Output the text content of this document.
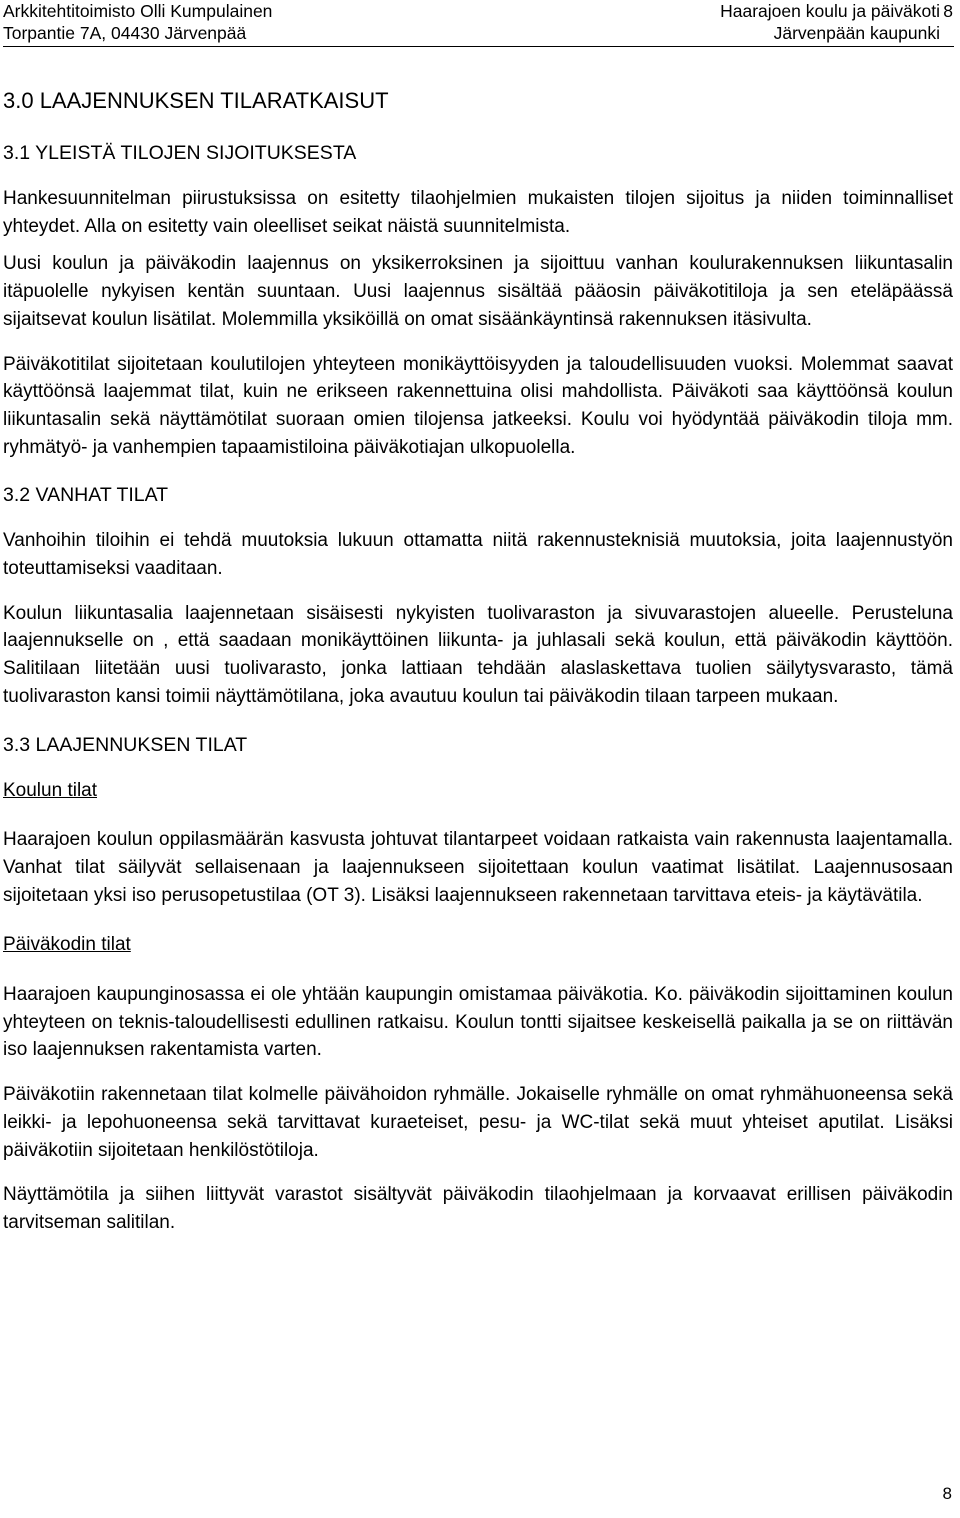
Arkkitehtitoimisto Olli Kumpulainen
Torpantie 7A, 04430 Järvenpää
Haarajoen koulu ja päiväkoti
Järvenpään kaupunki
8
3.0 LAAJENNUKSEN TILARATKAISUT
3.1 YLEISTÄ TILOJEN SIJOITUKSESTA

Hankesuunnitelman piirustuksissa on esitetty tilaohjelmien mukaisten tilojen sijoitus ja niiden toiminnalliset yhteydet. Alla on esitetty vain oleelliset seikat näistä suunnitelmista.

Uusi koulun ja päiväkodin laajennus on yksikerroksinen ja sijoittuu vanhan koulurakennuksen liikuntasalin itäpuolelle nykyisen kentän suuntaan. Uusi laajennus sisältää pääosin päiväkotitiloja ja sen eteläpäässä sijaitsevat koulun lisätilat. Molemmilla yksiköillä on omat sisäänkäyntinsä rakennuksen itäsivulta.

Päiväkotitilat sijoitetaan koulutilojen yhteyteen monikäyttöisyyden ja taloudellisuuden vuoksi. Molemmat saavat käyttöönsä laajemmat tilat, kuin ne erikseen rakennettuina olisi mahdollista. Päiväkoti saa käyttöönsä koulun liikuntasalin sekä näyttämötilat suoraan omien tilojensa jatkeeksi. Koulu voi hyödyntää päiväkodin tiloja mm. ryhmätyö- ja vanhempien tapaamistiloina päiväkotiajan ulkopuolella.

3.2 VANHAT TILAT

Vanhoihin tiloihin ei tehdä muutoksia lukuun ottamatta niitä rakennusteknisiä muutoksia, joita laajennustyön toteuttamiseksi vaaditaan.

Koulun liikuntasalia laajennetaan sisäisesti nykyisten tuolivaraston ja sivuvarastojen alueelle. Perusteluna laajennukselle on , että saadaan monikäyttöinen liikunta- ja juhlasali sekä koulun, että päiväkodin käyttöön. Salitilaan liitetään uusi tuolivarasto, jonka lattiaan tehdään alaslaskettava tuolien säilytysvarasto, tämä tuolivaraston kansi toimii näyttämötilana, joka avautuu koulun tai päiväkodin tilaan tarpeen mukaan.

3.3 LAAJENNUKSEN TILAT

Koulun tilat

Haarajoen koulun oppilasmäärän kasvusta johtuvat tilantarpeet voidaan ratkaista vain rakennusta laajentamalla. Vanhat tilat säilyvät sellaisenaan ja laajennukseen sijoitettaan koulun vaatimat lisätilat. Laajennusosaan sijoitetaan yksi iso perusopetustilaa (OT 3). Lisäksi laajennukseen rakennetaan tarvittava eteis- ja käytävätila.

Päiväkodin tilat

Haarajoen kaupunginosassa ei ole yhtään kaupungin omistamaa päiväkotia. Ko. päiväkodin sijoittaminen koulun yhteyteen on teknis-taloudellisesti edullinen ratkaisu. Koulun tontti sijaitsee keskeisellä paikalla ja se on riittävän iso laajennuksen rakentamista varten.

Päiväkotiin rakennetaan tilat kolmelle päivähoidon ryhmälle. Jokaiselle ryhmälle on omat ryhmähuoneensa sekä leikki- ja lepohuoneensa sekä tarvittavat kuraeteiset, pesu- ja WC-tilat sekä muut yhteiset aputilat. Lisäksi päiväkotiin sijoitetaan henkilöstötiloja.

Näyttämötila ja siihen liittyvät varastot sisältyvät päiväkodin tilaohjelmaan ja korvaavat erillisen päiväkodin tarvitseman salitilan.

8
